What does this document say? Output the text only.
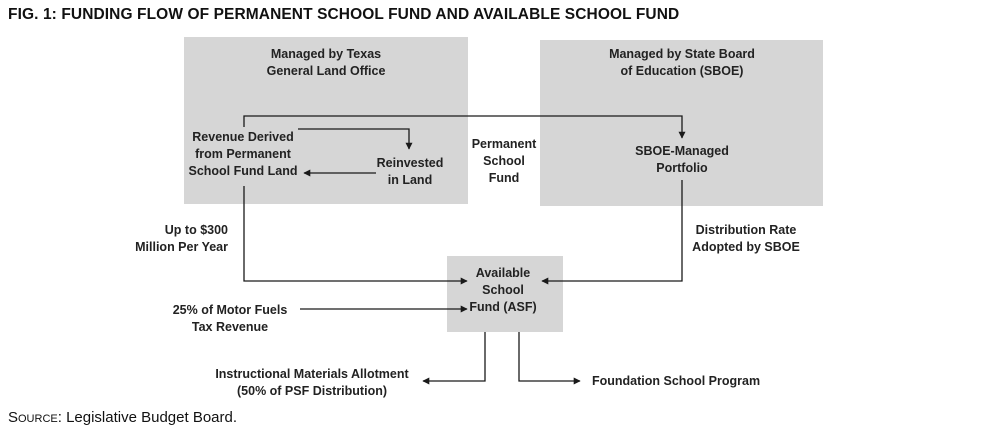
FIG. 1: FUNDING FLOW OF PERMANENT SCHOOL FUND AND AVAILABLE SCHOOL FUND
Managed by Texas
General Land Office
Managed by State Board
of Education (SBOE)
Revenue Derived
from Permanent
School Fund Land
Reinvested
in Land
Permanent
School
Fund
SBOE-Managed
Portfolio
Up to $300
Million Per Year
Distribution Rate
Adopted by SBOE
Available
School
Fund (ASF)
25% of Motor Fuels
Tax Revenue
Instructional Materials Allotment
(50% of PSF Distribution)
Foundation School Program
Source: Legislative Budget Board.
